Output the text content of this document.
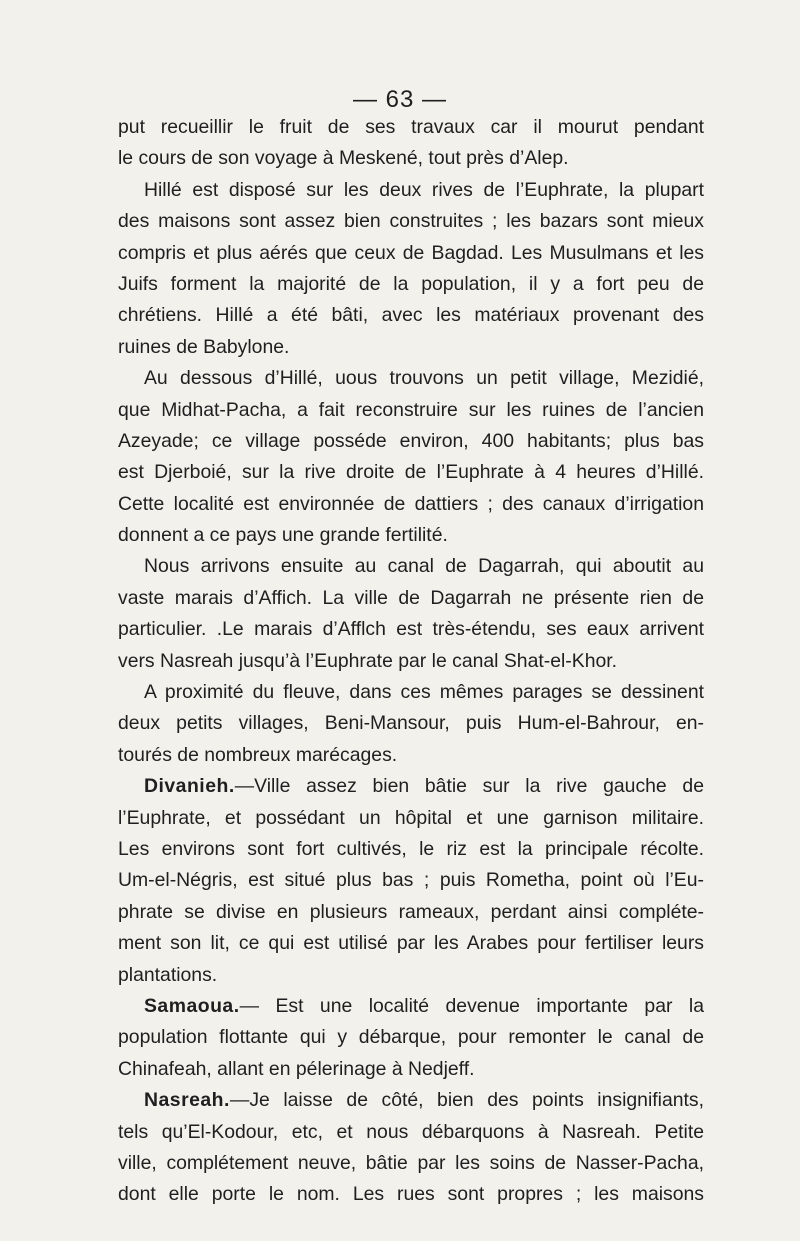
— 63 —
put recueillir le fruit de ses travaux car il mourut pendant
le cours de son voyage à Meskené, tout près d’Alep.
Hillé est disposé sur les deux rives de l’Euphrate, la plupart
des maisons sont assez bien construites ; les bazars sont mieux
compris et plus aérés que ceux de Bagdad. Les Musulmans et les
Juifs forment la majorité de la population, il y a fort peu de
chrétiens. Hillé a été bâti, avec les matériaux provenant des
ruines de Babylone.
Au dessous d’Hillé, uous trouvons un petit village, Mezidié,
que Midhat-Pacha, a fait reconstruire sur les ruines de l’ancien
Azeyade; ce village posséde environ, 400 habitants; plus bas
est Djerboié, sur la rive droite de l’Euphrate à 4 heures d’Hillé.
Cette localité est environnée de dattiers ; des canaux d’irrigation
donnent a ce pays une grande fertilité.
Nous arrivons ensuite au canal de Dagarrah, qui aboutit au
vaste marais d’Affich. La ville de Dagarrah ne présente rien de
particulier. .Le marais d’Afflch est très-étendu, ses eaux arrivent
vers Nasreah jusqu’à l’Euphrate par le canal Shat-el-Khor.
A proximité du fleuve, dans ces mêmes parages se dessinent
deux petits villages, Beni-Mansour, puis Hum-el-Bahrour, en-
tourés de nombreux marécages.
Divanieh.—Ville assez bien bâtie sur la rive gauche de
l’Euphrate, et possédant un hôpital et une garnison militaire.
Les environs sont fort cultivés, le riz est la principale récolte.
Um-el-Négris, est situé plus bas ; puis Rometha, point où l’Eu-
phrate se divise en plusieurs rameaux, perdant ainsi compléte-
ment son lit, ce qui est utilisé par les Arabes pour fertiliser leurs
plantations.
Samaoua.— Est une localité devenue importante par la
population flottante qui y débarque, pour remonter le canal de
Chinafeah, allant en pélerinage à Nedjeff.
Nasreah.—Je laisse de côté, bien des points insignifiants,
tels qu’El-Kodour, etc, et nous débarquons à Nasreah. Petite
ville, complétement neuve, bâtie par les soins de Nasser-Pacha,
dont elle porte le nom. Les rues sont propres ; les maisons
